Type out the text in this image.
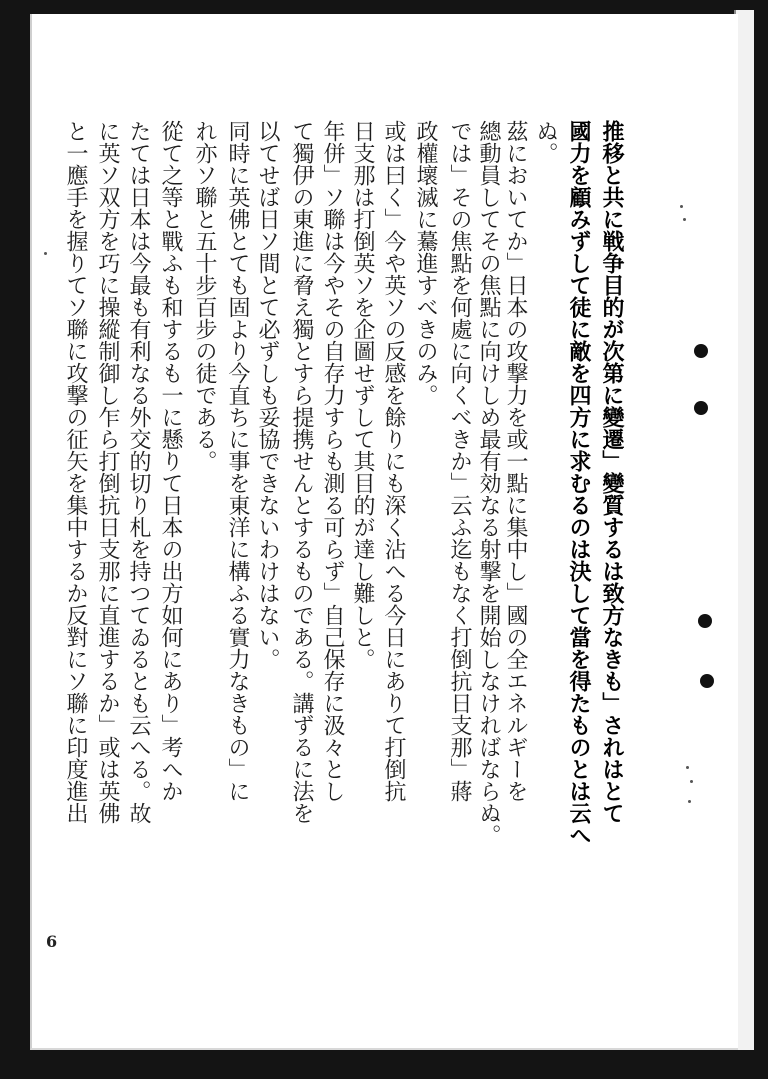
推移と共に戦争目的が次第に變遷」變質するは致方なきも」されはとて
國力を顧みずして徒に敵を四方に求むるのは決して當を得たものとは云へ
ぬ。
茲においてか」日本の攻撃力を或一點に集中し」國の全エネルギーを
總動員してその焦點に向けしめ最有効なる射撃を開始しなければならぬ。
では」その焦點を何處に向くべきか」云ふ迄もなく打倒抗日支那」蔣
政權壞滅に驀進すべきのみ。
或は曰く」今や英ソの反感を餘りにも深く沾へる今日にありて打倒抗
日支那は打倒英ソを企圖せずして其目的が達し難しと。
年併」ソ聯は今やその自存力すらも測る可らず」自己保存に汲々とし
て獨伊の東進に脅え獨とすら提携せんとするものである。講ずるに法を
以てせば日ソ間とて必ずしも妥協できないわけはない。
同時に英佛とても固より今直ちに事を東洋に構ふる實力なきもの」に
れ亦ソ聯と五十步百步の徒である。
從て之等と戰ふも和するも一に懸りて日本の出方如何にあり」考へか
たては日本は今最も有利なる外交的切り札を持つてゐるとも云へる。故
に英ソ双方を巧に操縱制御し乍ら打倒抗日支那に直進するか」或は英佛
と一應手を握りてソ聯に攻撃の征矢を集中するか反對にソ聯に印度進出
6
